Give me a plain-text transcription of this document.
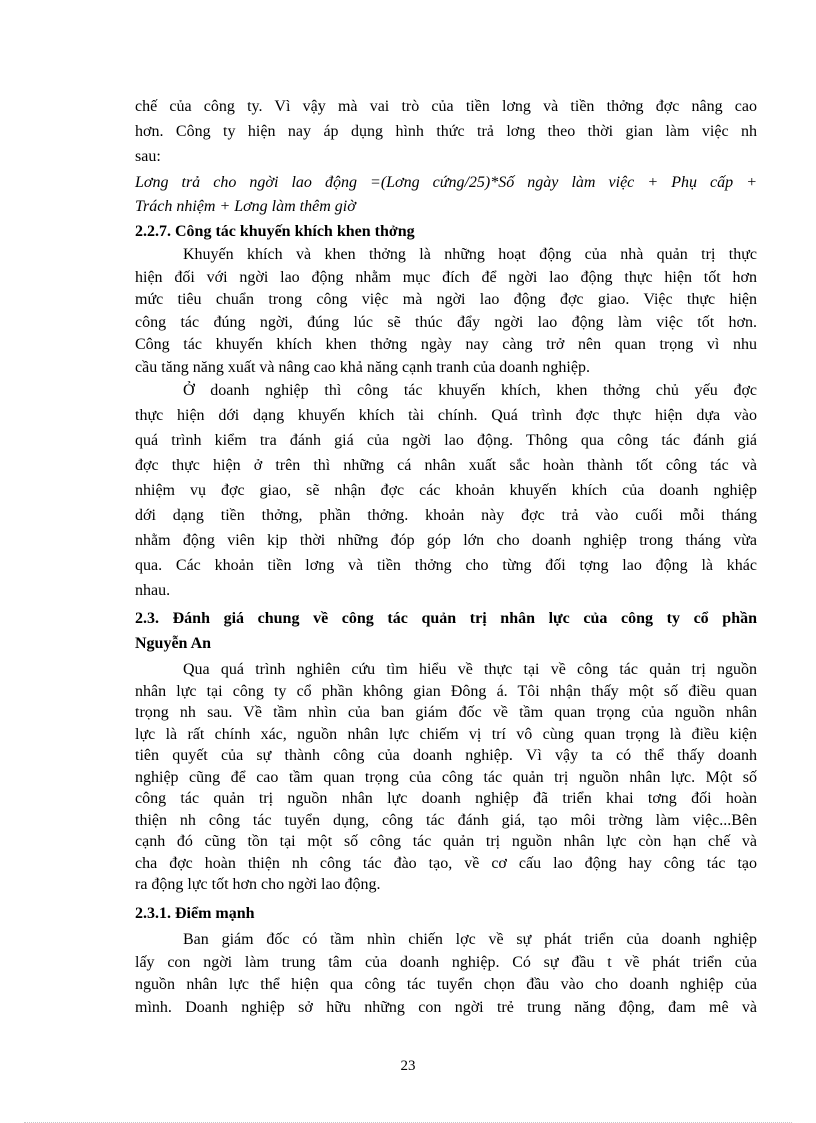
chế của công ty. Vì vậy mà vai trò của tiền lơng và tiền thởng đợc nâng cao
hơn. Công ty hiện nay áp dụng hình thức trả lơng theo thời gian làm việc nh
sau:
Lơng trả cho ngời lao động =(Lơng cứng/25)*Số ngày làm việc + Phụ cấp +
Trách nhiệm + Lơng làm thêm giờ
2.2.7. Công tác khuyến khích khen thởng
Khuyến khích và khen thởng là những hoạt động của nhà quản trị thực
hiện đối với ngời lao động nhằm mục đích để ngời lao động thực hiện tốt hơn
mức tiêu chuẩn trong công việc mà ngời lao động đợc giao. Việc thực hiện
công tác đúng ngời, đúng lúc sẽ thúc đẩy ngời lao động làm việc tốt hơn.
Công tác khuyến khích khen thởng ngày nay càng trở nên quan trọng vì nhu
cầu tăng năng xuất và nâng cao khả năng cạnh tranh của doanh nghiệp.
Ở doanh nghiệp thì công tác khuyến khích, khen thởng chủ yếu đợc
thực hiện dới dạng khuyến khích tài chính. Quá trình đợc thực hiện dựa vào
quá trình kiểm tra đánh giá của ngời lao động. Thông qua công tác đánh giá
đợc thực hiện ở trên thì những cá nhân xuất sắc hoàn thành tốt công tác và
nhiệm vụ đợc giao, sẽ nhận đợc các khoản khuyến khích của doanh nghiệp
dới dạng tiền thởng, phần thởng. khoản này đợc trả vào cuối mỗi tháng
nhằm động viên kịp thời những đóp góp lớn cho doanh nghiệp trong tháng vừa
qua. Các khoản tiền lơng và tiền thởng cho từng đối tợng lao động là khác
nhau.
2.3. Đánh giá chung về công tác quản trị nhân lực của công ty cổ phần
Nguyễn An
Qua quá trình nghiên cứu tìm hiểu về thực tại về công tác quản trị nguồn
nhân lực tại công ty cổ phần không gian Đông á. Tôi nhận thấy một số điều quan
trọng nh sau. Về tầm nhìn của ban giám đốc về tầm quan trọng của nguồn nhân
lực là rất chính xác, nguồn nhân lực chiếm vị trí vô cùng quan trọng là điều kiện
tiên quyết của sự thành công của doanh nghiệp. Vì vậy ta có thể thấy doanh
nghiệp cũng để cao tầm quan trọng của công tác quản trị nguồn nhân lực. Một số
công tác quản trị nguồn nhân lực doanh nghiệp đã triển khai tơng đối hoàn
thiện nh công tác tuyển dụng, công tác đánh giá, tạo môi trờng làm việc...Bên
cạnh đó cũng tồn tại một số công tác quản trị nguồn nhân lực còn hạn chế và
cha đợc hoàn thiện nh công tác đào tạo, về cơ cấu lao động hay công tác tạo
ra động lực tốt hơn cho ngời lao động.
2.3.1. Điểm mạnh
Ban giám đốc có tầm nhìn chiến lợc về sự phát triển của doanh nghiệp
lấy con ngời làm trung tâm của doanh nghiệp. Có sự đầu t về phát triển của
nguồn nhân lực thể hiện qua công tác tuyển chọn đầu vào cho doanh nghiệp của
mình. Doanh nghiệp sở hữu những con ngời trẻ trung năng động, đam mê và
23
